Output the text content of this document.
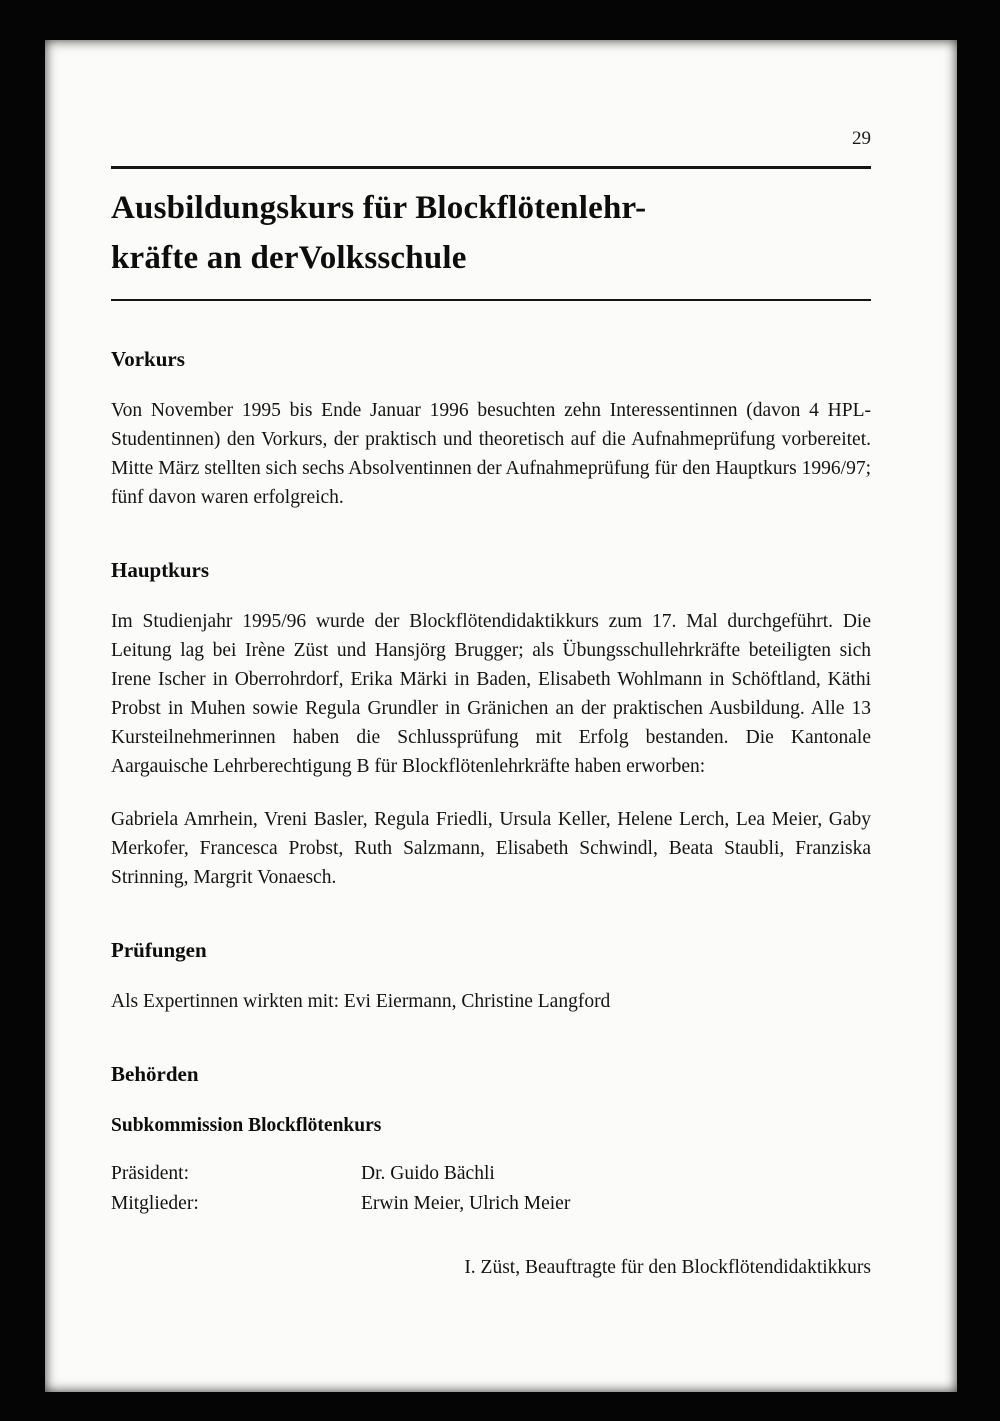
29

Ausbildungskurs für Blockflötenlehr-
kräfte an derVolksschule
Vorkurs

Von November 1995 bis Ende Januar 1996 besuchten zehn Interessentinnen (davon 4 HPL-Studentinnen) den Vorkurs, der praktisch und theoretisch auf die Aufnahmeprüfung vorbereitet. Mitte März stellten sich sechs Absolventinnen der Aufnahmeprüfung für den Hauptkurs 1996/97; fünf davon waren erfolgreich.

Hauptkurs

Im Studienjahr 1995/96 wurde der Blockflötendidaktikkurs zum 17. Mal durchgeführt. Die Leitung lag bei Irène Züst und Hansjörg Brugger; als Übungsschullehrkräfte beteiligten sich Irene Ischer in Oberrohrdorf, Erika Märki in Baden, Elisabeth Wohlmann in Schöftland, Käthi Probst in Muhen sowie Regula Grundler in Gränichen an der praktischen Ausbildung. Alle 13 Kursteilnehmerinnen haben die Schlussprüfung mit Erfolg bestanden. Die Kantonale Aargauische Lehrberechtigung B für Blockflötenlehrkräfte haben erworben:

Gabriela Amrhein, Vreni Basler, Regula Friedli, Ursula Keller, Helene Lerch, Lea Meier, Gaby Merkofer, Francesca Probst, Ruth Salzmann, Elisabeth Schwindl, Beata Staubli, Franziska Strinning, Margrit Vonaesch.

Prüfungen

Als Expertinnen wirkten mit: Evi Eiermann, Christine Langford

Behörden
Subkommission Blockflötenkurs
Präsident:	Dr. Guido Bächli
Mitglieder:	Erwin Meier, Ulrich Meier

I. Züst, Beauftragte für den Blockflötendidaktikkurs
